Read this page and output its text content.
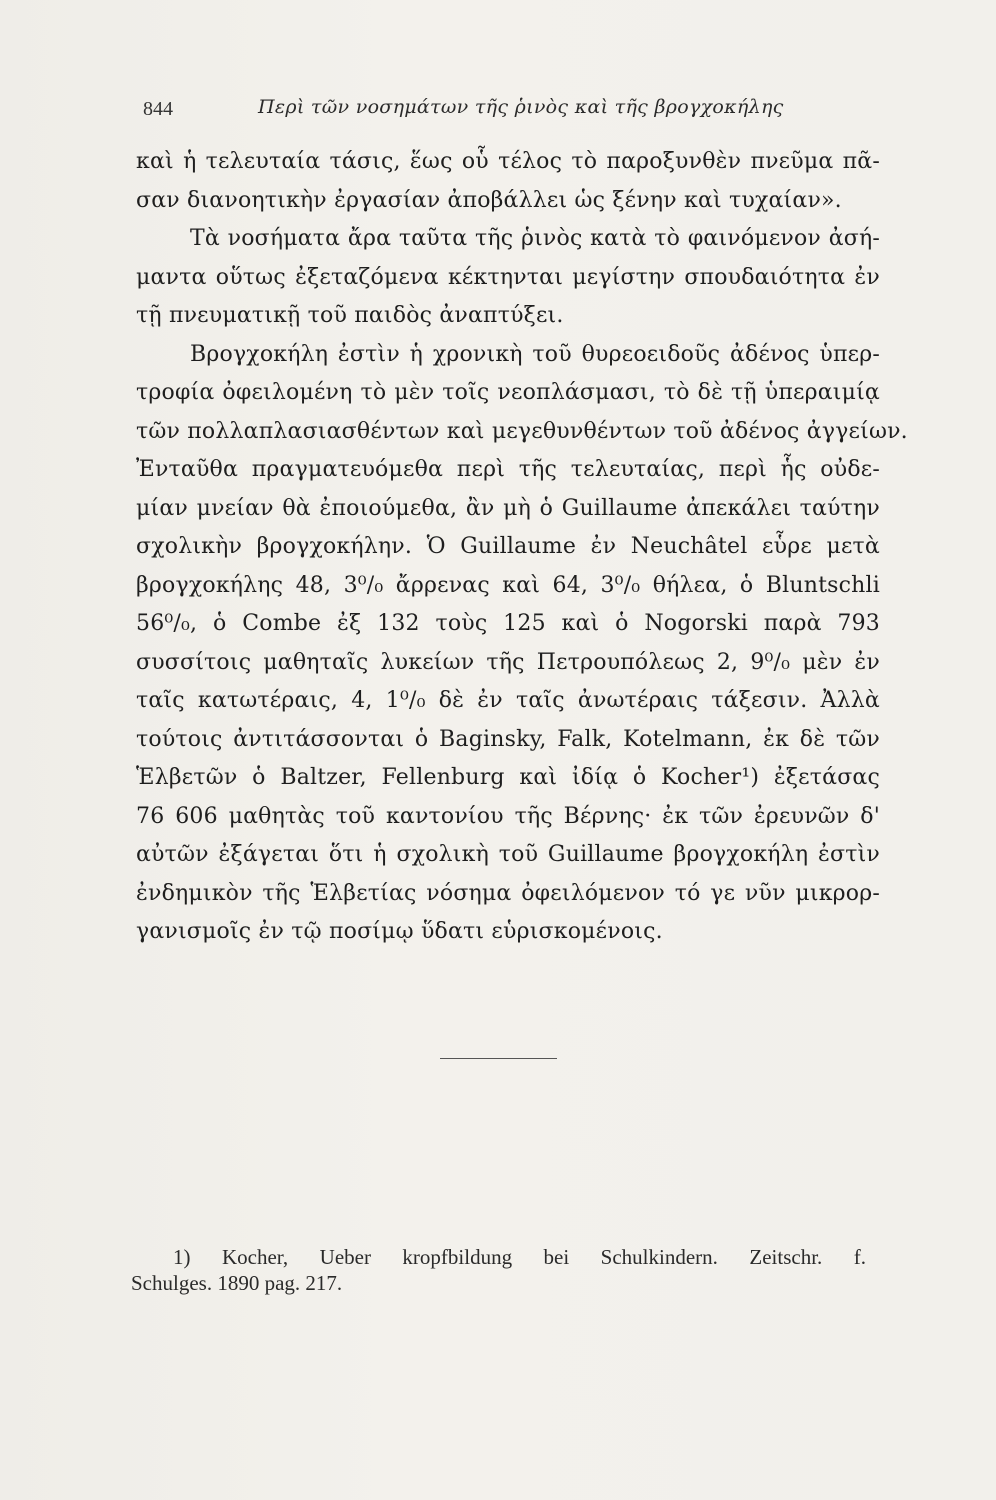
844	Περὶ τῶν νοσημάτων τῆς ῥινὸς καὶ τῆς βρογχοκήλης
καὶ ἡ τελευταία τάσις, ἕως οὗ τέλος τὸ παροξυνθὲν πνεῦμα πᾶ-
σαν διανοητικὴν ἐργασίαν ἀποβάλλει ὡς ξένην καὶ τυχαίαν».
Τὰ νοσήματα ἄρα ταῦτα τῆς ῥινὸς κατὰ τὸ φαινόμενον ἀσή-
μαντα οὕτως ἐξεταζόμενα κέκτηνται μεγίστην σπουδαιότητα ἐν
τῇ πνευματικῇ τοῦ παιδὸς ἀναπτύξει.
Βρογχοκήλη ἐστὶν ἡ χρονικὴ τοῦ θυρεοειδοῦς ἀδένος ὑπερ-
τροφία ὀφειλομένη τὸ μὲν τοῖς νεοπλάσμασι, τὸ δὲ τῇ ὑπεραιμίᾳ
τῶν πολλαπλασιασθέντων καὶ μεγεθυνθέντων τοῦ ἀδένος ἀγγείων.
Ἐνταῦθα πραγματευόμεθα περὶ τῆς τελευταίας, περὶ ἧς οὐδε-
μίαν μνείαν θὰ ἐποιούμεθα, ἂν μὴ ὁ Guillaume ἀπεκάλει ταύτην
σχολικὴν βρογχοκήλην. Ὁ Guillaume ἐν Neuchâtel εὗρε μετὰ
βρογχοκήλης 48, 3⁰/₀ ἄρρενας καὶ 64, 3⁰/₀ θήλεα, ὁ Bluntschli
56⁰/₀, ὁ Combe ἐξ 132 τοὺς 125 καὶ ὁ Nogorski παρὰ 793
συσσίτοις μαθηταῖς λυκείων τῆς Πετρουπόλεως 2, 9⁰/₀ μὲν ἐν
ταῖς κατωτέραις, 4, 1⁰/₀ δὲ ἐν ταῖς ἀνωτέραις τάξεσιν. Ἀλλὰ
τούτοις ἀντιτάσσονται ὁ Baginsky, Falk, Kotelmann, ἐκ δὲ τῶν
Ἑλβετῶν ὁ Baltzer, Fellenburg καὶ ἰδίᾳ ὁ Kocher¹) ἐξετάσας
76 606 μαθητὰς τοῦ καντονίου τῆς Βέρνης· ἐκ τῶν ἐρευνῶν δ'
αὐτῶν ἐξάγεται ὅτι ἡ σχολικὴ τοῦ Guillaume βρογχοκήλη ἐστὶν
ἐνδημικὸν τῆς Ἑλβετίας νόσημα ὀφειλόμενον τό γε νῦν μικρορ-
γανισμοῖς ἐν τῷ ποσίμῳ ὕδατι εὑρισκομένοις.
1) Kocher, Ueber kropfbildung bei Schulkindern. Zeitschr. f.
Schulges. 1890 pag. 217.
